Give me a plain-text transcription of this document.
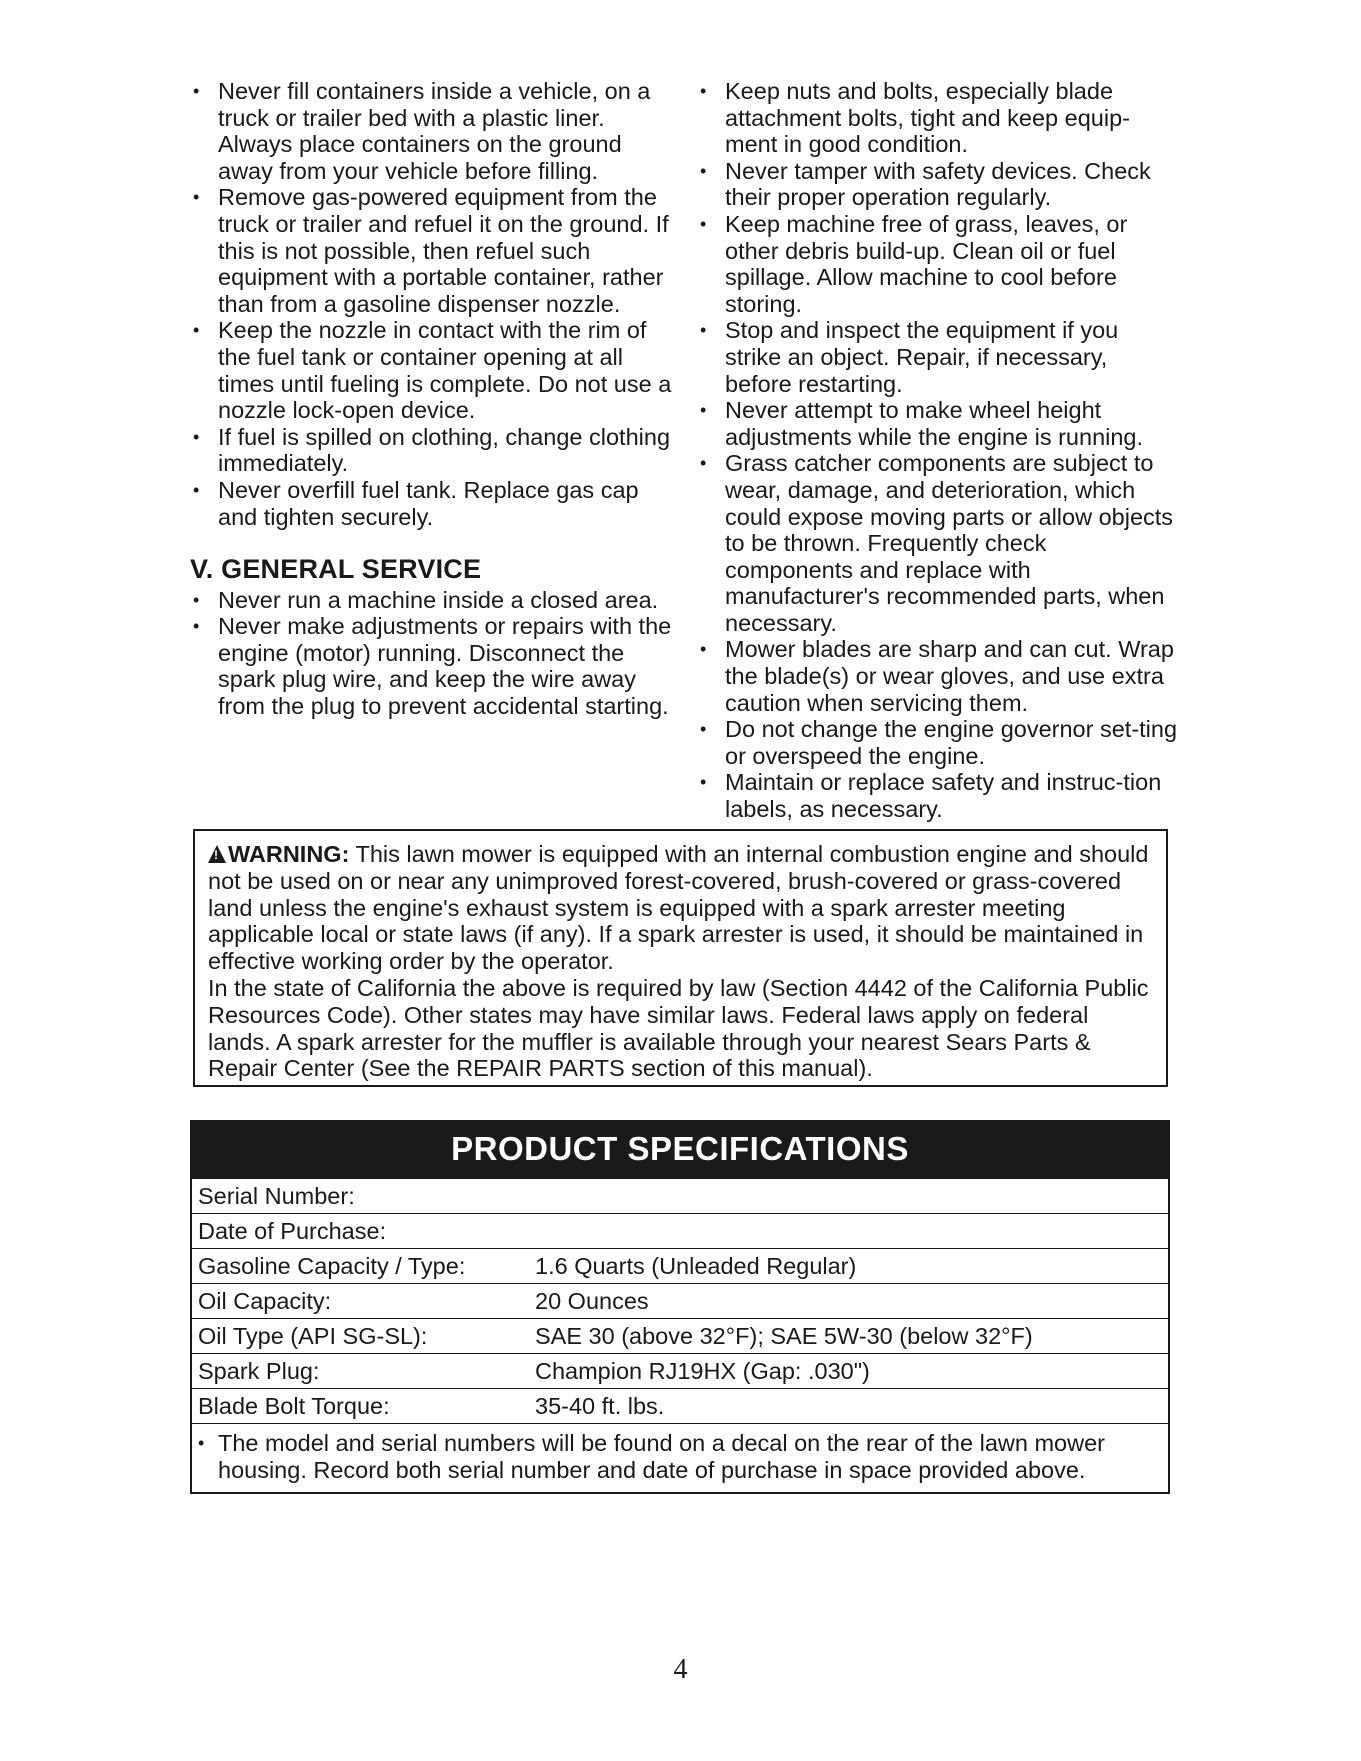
• Never fill containers inside a vehicle, on a truck or trailer bed with a plastic liner. Always place containers on the ground away from your vehicle before filling.
• Remove gas-powered equipment from the truck or trailer and refuel it on the ground. If this is not possible, then refuel such equipment with a portable container, rather than from a gasoline dispenser nozzle.
• Keep the nozzle in contact with the rim of the fuel tank or container opening at all times until fueling is complete. Do not use a nozzle lock-open device.
• If fuel is spilled on clothing, change clothing immediately.
• Never overfill fuel tank. Replace gas cap and tighten securely.
V. GENERAL SERVICE
• Never run a machine inside a closed area.
• Never make adjustments or repairs with the engine (motor) running. Disconnect the spark plug wire, and keep the wire away from the plug to prevent accidental starting.
• Keep nuts and bolts, especially blade attachment bolts, tight and keep equip-ment in good condition.
• Never tamper with safety devices. Check their proper operation regularly.
• Keep machine free of grass, leaves, or other debris build-up. Clean oil or fuel spillage. Allow machine to cool before storing.
• Stop and inspect the equipment if you strike an object. Repair, if necessary, before restarting.
• Never attempt to make wheel height adjustments while the engine is running.
• Grass catcher components are subject to wear, damage, and deterioration, which could expose moving parts or allow objects to be thrown. Frequently check components and replace with manufacturer's recommended parts, when necessary.
• Mower blades are sharp and can cut. Wrap the blade(s) or wear gloves, and use extra caution when servicing them.
• Do not change the engine governor set-ting or overspeed the engine.
• Maintain or replace safety and instruc-tion labels, as necessary.

!WARNING: This lawn mower is equipped with an internal combustion engine and should not be used on or near any unimproved forest-covered, brush-covered or grass-covered land unless the engine's exhaust system is equipped with a spark arrester meeting applicable local or state laws (if any). If a spark arrester is used, it should be maintained in effective working order by the operator.

In the state of California the above is required by law (Section 4442 of the California Public Resources Code). Other states may have similar laws. Federal laws apply on federal lands. A spark arrester for the muffler is available through your nearest Sears Parts & Repair Center (See the REPAIR PARTS section of this manual).

PRODUCT SPECIFICATIONS
Serial Number:	
Date of Purchase:	
Gasoline Capacity / Type:	1.6 Quarts (Unleaded Regular)
Oil Capacity:	20 Ounces
Oil Type (API SG-SL):	SAE 30 (above 32°F); SAE 5W-30 (below 32°F)
Spark Plug:	Champion RJ19HX (Gap: .030")
Blade Bolt Torque:	35-40 ft. lbs.
• The model and serial numbers will be found on a decal on the rear of the lawn mower housing. Record both serial number and date of purchase in space provided above.
4
